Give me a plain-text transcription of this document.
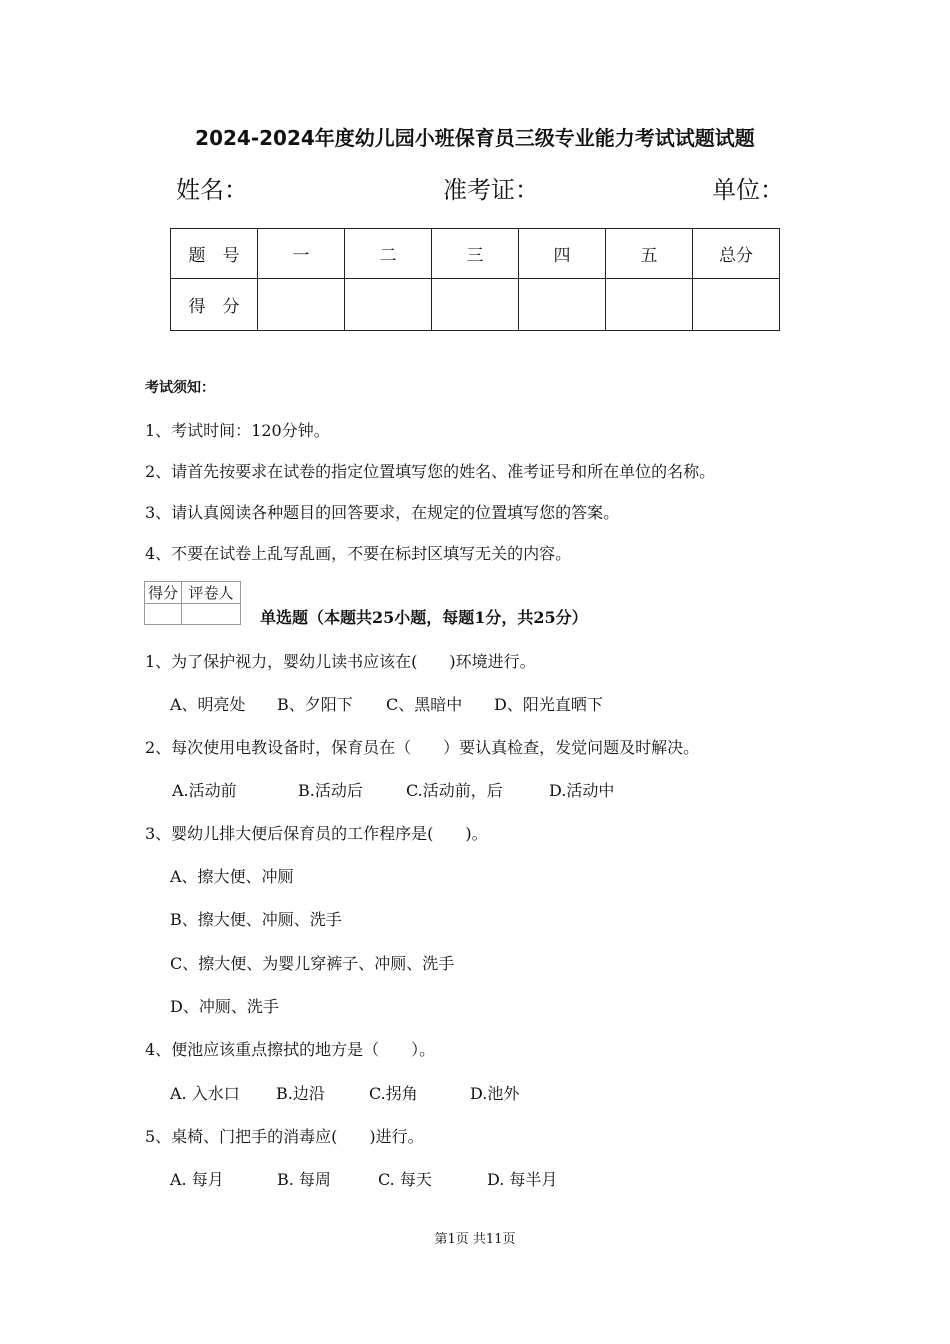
2024-2024年度幼儿园小班保育员三级专业能力考试试题试题
姓名：	准考证：	单位：
题　号	一	二	三	四	五	总分
得　分						
考试须知：
1、考试时间：120分钟。
2、请首先按要求在试卷的指定位置填写您的姓名、准考证号和所在单位的名称。
3、请认真阅读各种题目的回答要求，在规定的位置填写您的答案。
4、不要在试卷上乱写乱画，不要在标封区填写无关的内容。
得分	评卷人

单选题（本题共25小题，每题1分，共25分）
1、为了保护视力，婴幼儿读书应该在(　　)环境进行。
A、明亮处 B、夕阳下 C、黑暗中 D、阳光直晒下
2、每次使用电教设备时，保育员在（　　）要认真检查，发觉问题及时解决。
A.活动前	B.活动后	C.活动前，后	D.活动中
3、婴幼儿排大便后保育员的工作程序是(　　)。
A、擦大便、冲厕
B、擦大便、冲厕、洗手
C、擦大便、为婴儿穿裤子、冲厕、洗手
D、冲厕、洗手
4、便池应该重点擦拭的地方是（　　）。
A. 入水口 B.边沿	C.拐角	D.池外
5、桌椅、门把手的消毒应(　　)进行。
A. 每月	B. 每周	C. 每天	D. 每半月
第1页 共11页
